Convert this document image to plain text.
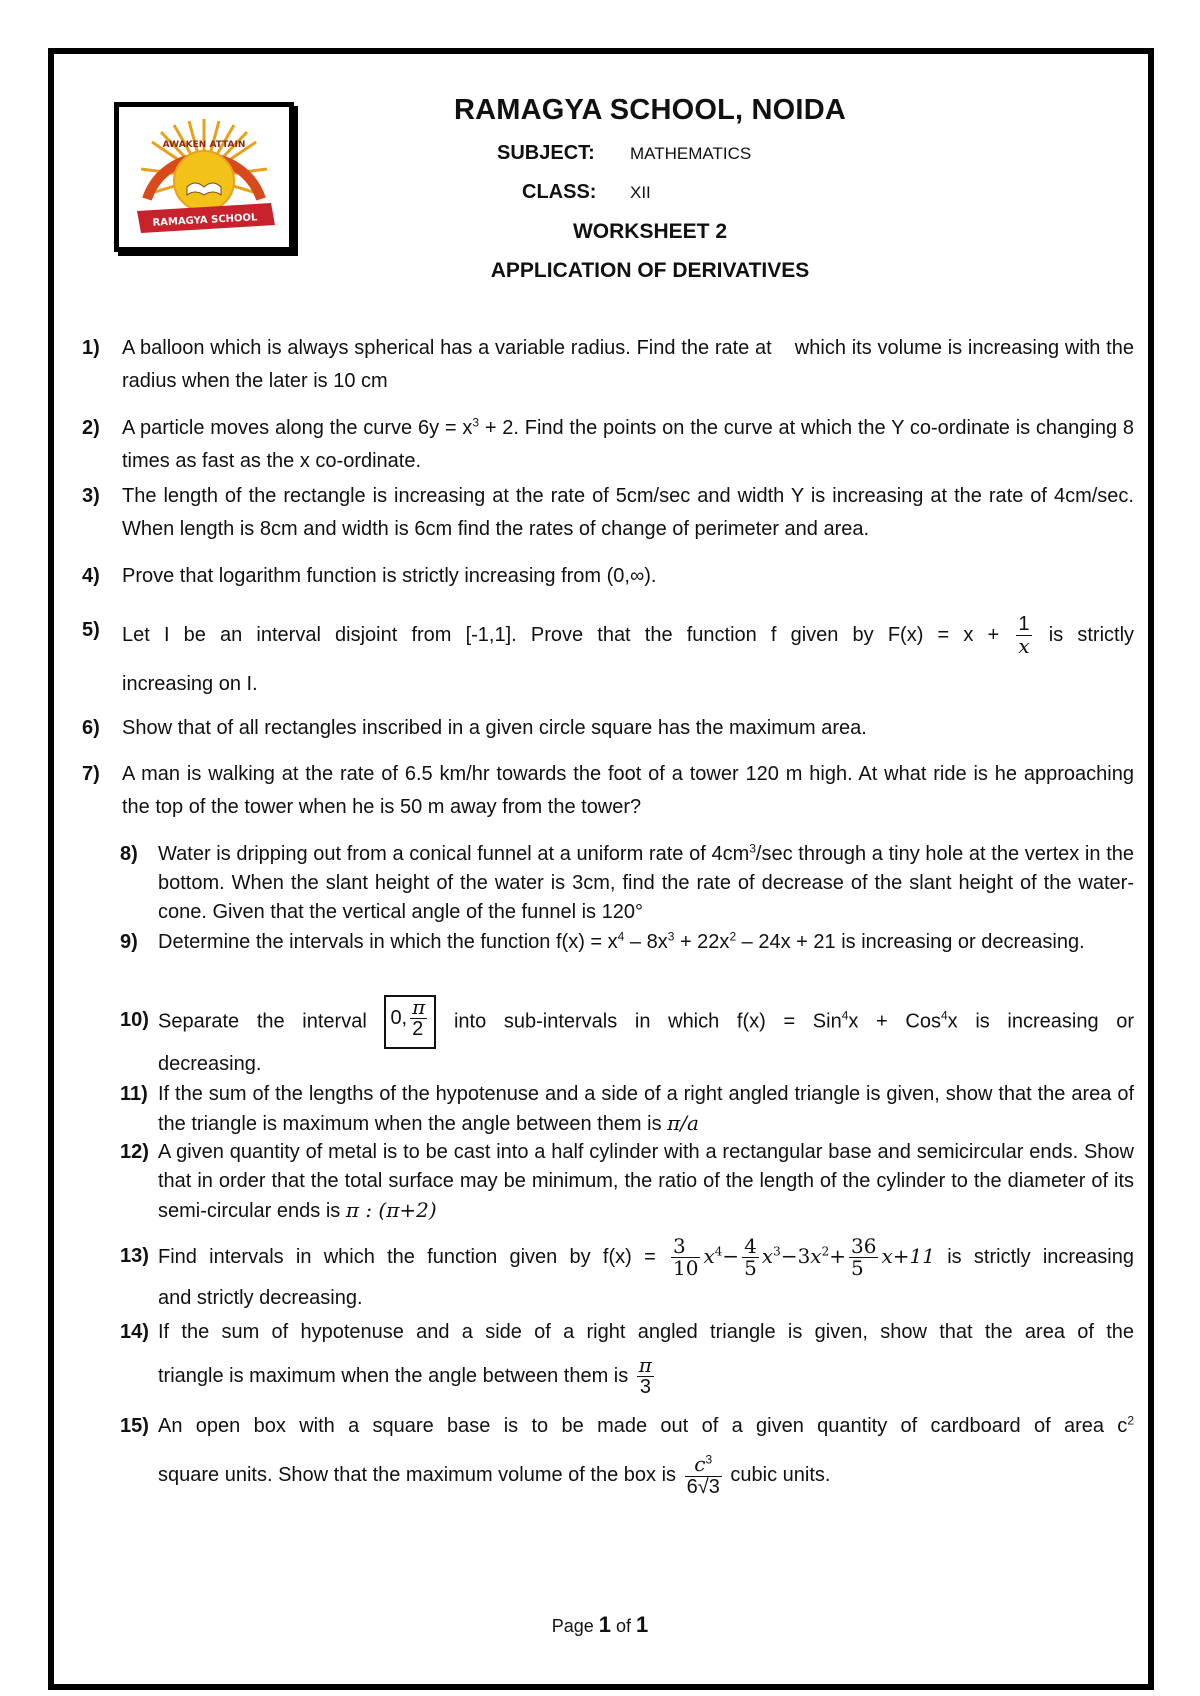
AWAKEN ATTAIN
RAMAGYA SCHOOL
RAMAGYA SCHOOL, NOIDA
SUBJECT: MATHEMATICS
CLASS: XII
WORKSHEET 2
APPLICATION OF DERIVATIVES
1) A balloon which is always spherical has a variable radius. Find the rate at    which its volume is increasing with the radius when the later is 10 cm
2) A particle moves along the curve $6y = x^3 + 2$. Find the points on the curve at which the Y co-ordinate is changing 8 times as fast as the x co-ordinate.
3) The length of the rectangle is increasing at the rate of 5cm/sec and width Y is increasing at the rate of 4cm/sec. When length is 8cm and width is 6cm find the rates of change of perimeter and area.
4) Prove that logarithm function is strictly increasing from (0,∞).
5) Let I be an interval disjoint from [-1,1]. Prove that the function f given by $F(x) = x + \frac{1}{x}$ is strictly
increasing on I.
6) Show that of all rectangles inscribed in a given circle square has the maximum area.
7) A man is walking at the rate of 6.5 km/hr towards the foot of a tower 120 m high. At what ride is he approaching the top of the tower when he is 50 m away from the tower?
8) Water is dripping out from a conical funnel at a uniform rate of $4cm^3/\sec$ through a tiny hole at the vertex in the bottom. When the slant height of the water is 3cm, find the rate of decrease of the slant height of the water-cone. Given that the vertical angle of the funnel is 120°
9) Determine the intervals in which the function $f(x) = x^4 - 8x^3 + 22x^2 - 24x + 21$ is increasing or decreasing.
10) Separate the interval 0, $\frac{\pi}{2}$ into sub-intervals in which f(x) = Sin$^4$x + Cos$^4$x is increasing or
decreasing.
11) If the sum of the lengths of the hypotenuse and a side of a right angled triangle is given, show that the area of the triangle is maximum when the angle between them is π/a
12) A given quantity of metal is to be cast into a half cylinder with a rectangular base and semicircular ends. Show that in order that the total surface may be minimum, the ratio of the length of the cylinder to the diameter of its semi-circular ends is π : (π+2)
13) Find intervals in which the function given by $f(x) = \frac{3}{10} x^4- \frac{4}{5} x^3-3x^2+ \frac{36}{5} x+11$ is strictly increasing
and strictly decreasing.
14) If the sum of hypotenuse and a side of a right angled triangle is given, show that the area of the
triangle is maximum when the angle between them is $\frac{\pi}{3}$
15) An open box with a square base is to be made out of a given quantity of cardboard of area $c^2$
square units. Show that the maximum volume of the box is $\frac{c^3}{6√3}$ cubic units.
Page 1 of 1
